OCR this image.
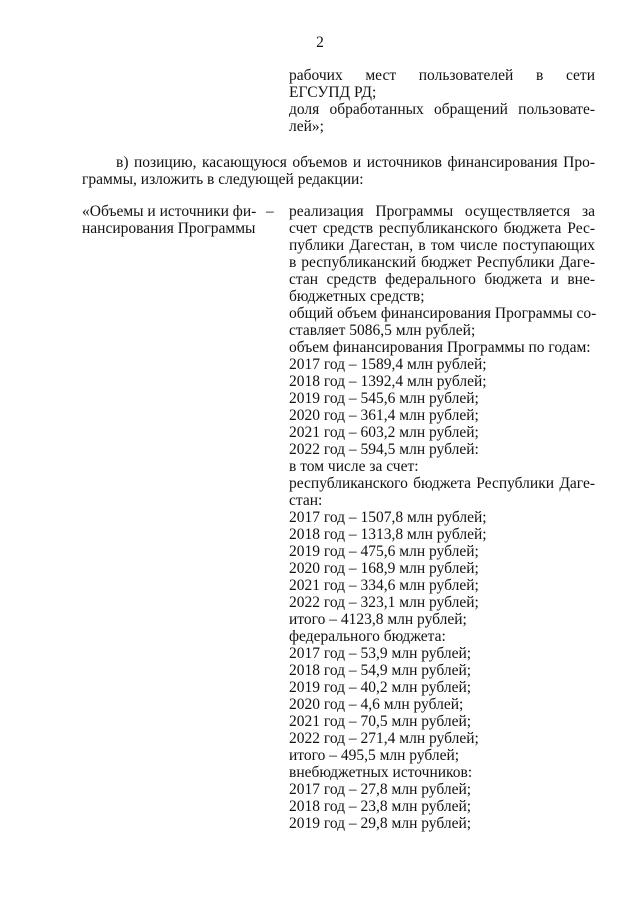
2
рабочих мест пользователей в сети
ЕГСУПД РД;
доля обработанных обращений пользовате-
лей»;
в) позицию, касающуюся объемов и источников финансирования Про-
граммы, изложить в следующей редакции:
«Объемы и источники фи-
нансирования Программы
– реализация Программы осуществляется за
счет средств республиканского бюджета Рес-
публики Дагестан, в том числе поступающих
в республиканский бюджет Республики Даге-
стан средств федерального бюджета и вне-
бюджетных средств;
общий объем финансирования Программы со-
ставляет 5086,5 млн рублей;
объем финансирования Программы по годам:
2017 год – 1589,4 млн рублей;
2018 год – 1392,4 млн рублей;
2019 год – 545,6 млн рублей;
2020 год – 361,4 млн рублей;
2021 год – 603,2 млн рублей;
2022 год – 594,5 млн рублей:
в том числе за счет:
республиканского бюджета Республики Даге-
стан:
2017 год – 1507,8 млн рублей;
2018 год – 1313,8 млн рублей;
2019 год – 475,6 млн рублей;
2020 год – 168,9 млн рублей;
2021 год – 334,6 млн рублей;
2022 год – 323,1 млн рублей;
итого – 4123,8 млн рублей;
федерального бюджета:
2017 год – 53,9 млн рублей;
2018 год – 54,9 млн рублей;
2019 год – 40,2 млн рублей;
2020 год – 4,6 млн рублей;
2021 год – 70,5 млн рублей;
2022 год – 271,4 млн рублей;
итого – 495,5 млн рублей;
внебюджетных источников:
2017 год – 27,8 млн рублей;
2018 год – 23,8 млн рублей;
2019 год – 29,8 млн рублей;
